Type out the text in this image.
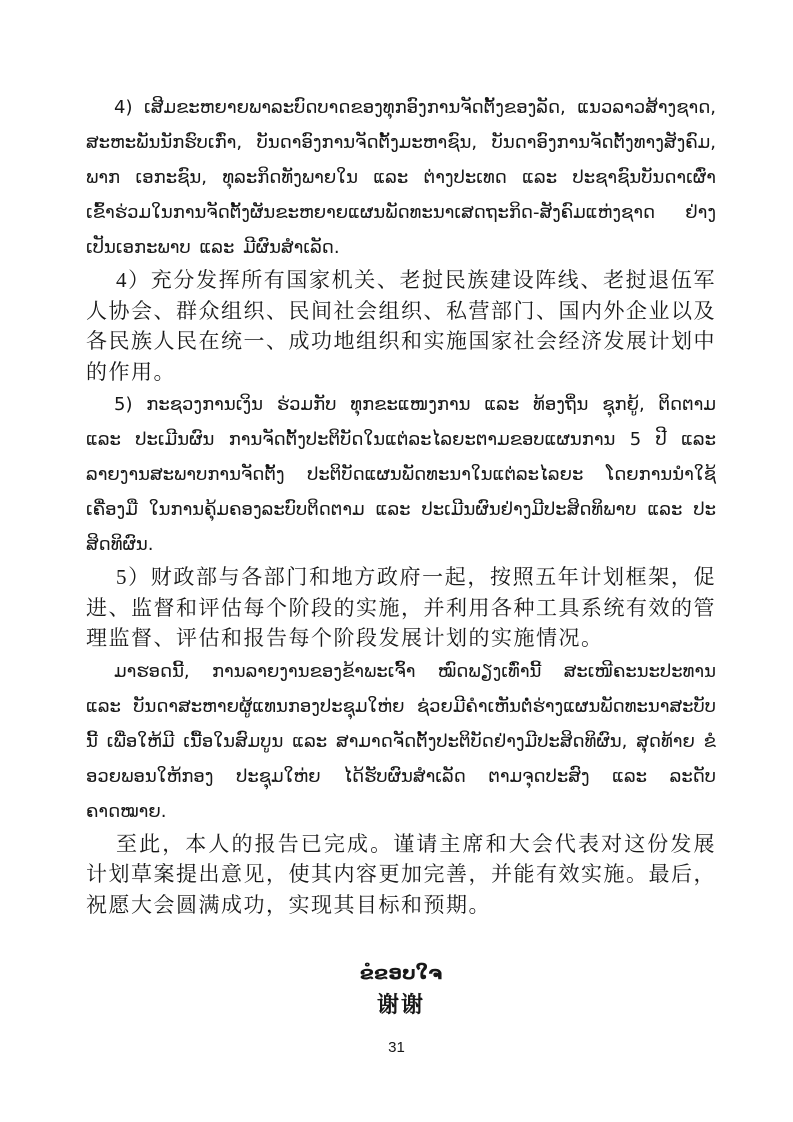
4) ເສີມຂະຫຍາຍພາລະບົດບາດຂອງທຸກອົງການຈັດຕັ້ງຂອງລັດ, ແນວລາວສ້າງຊາດ, ສະຫະພັນນັກຮົບເກົ່າ, ບັນດາອົງການຈັດຕັ້ງມະຫາຊົນ, ບັນດາອົງການຈັດຕັ້ງທາງສັງຄົມ, ພາກ ເອກະຊົນ, ທຸລະກິດທັງພາຍໃນ ແລະ ຕ່າງປະເທດ ແລະ ປະຊາຊົນບັນດາເຜົ່າ ເຂົ້າຮ່ວມໃນການຈັດຕັ້ງຜັນຂະຫຍາຍແຜນພັດທະນາເສດຖະກິດ-ສັງຄົມແຫ່ງຊາດ ຢ່າງເປັນເອກະພາບ ແລະ ມີຜົນສໍາເລັດ.

4）充分发挥所有国家机关、老挝民族建设阵线、老挝退伍军人协会、群众组织、民间社会组织、私营部门、国内外企业以及各民族人民在统一、成功地组织和实施国家社会经济发展计划中的作用。

5) ກະຊວງການເງິນ ຮ່ວມກັບ ທຸກຂະແໜງການ ແລະ ທ້ອງຖິ່ນ ຊຸກຍູ້, ຕິດຕາມ ແລະ ປະເມີນຜົນ ການຈັດຕັ້ງປະຕິບັດໃນແຕ່ລະໄລຍະຕາມຂອບແຜນການ 5 ປີ ແລະ ລາຍງານສະພາບການຈັດຕັ້ງ ປະຕິບັດແຜນພັດທະນາໃນແຕ່ລະໄລຍະ ໂດຍການນໍາໃຊ້ເຄື່ອງມື ໃນການຄຸ້ມຄອງລະບົບຕິດຕາມ ແລະ ປະເມີນຜົນຢ່າງມີປະສິດທິພາບ ແລະ ປະສິດທິຜົນ.

5）财政部与各部门和地方政府一起，按照五年计划框架，促进、监督和评估每个阶段的实施，并利用各种工具系统有效的管理监督、评估和报告每个阶段发展计划的实施情况。

ມາຮອດນີ້, ການລາຍງານຂອງຂ້າພະເຈົ້າ ໝົດພຽງເທົ່ານີ້ ສະເໜີຄະນະປະທານ ແລະ ບັນດາສະຫາຍຜູ້ແທນກອງປະຊຸມໃຫ່ຍ ຊ່ວຍມີຄໍາເຫັນຕໍ່ຮ່າງແຜນພັດທະນາສະບັບນີ້ ເພື່ອໃຫ້ມີ ເນື້ອໃນສົມບູນ ແລະ ສາມາດຈັດຕັ້ງປະຕິບັດຢ່າງມີປະສິດທິຜົນ, ສຸດທ້າຍ ຂໍອວຍພອນໃຫ້ກອງ ປະຊຸມໃຫ່ຍ ໄດ້ຮັບຜົນສໍາເລັດ ຕາມຈຸດປະສົງ ແລະ ລະດັບຄາດໝາຍ.

至此，本人的报告已完成。谨请主席和大会代表对这份发展计划草案提出意见，使其内容更加完善，并能有效实施。最后，祝愿大会圆满成功，实现其目标和预期。

ຂໍຂອບໃຈ
谢谢
31
